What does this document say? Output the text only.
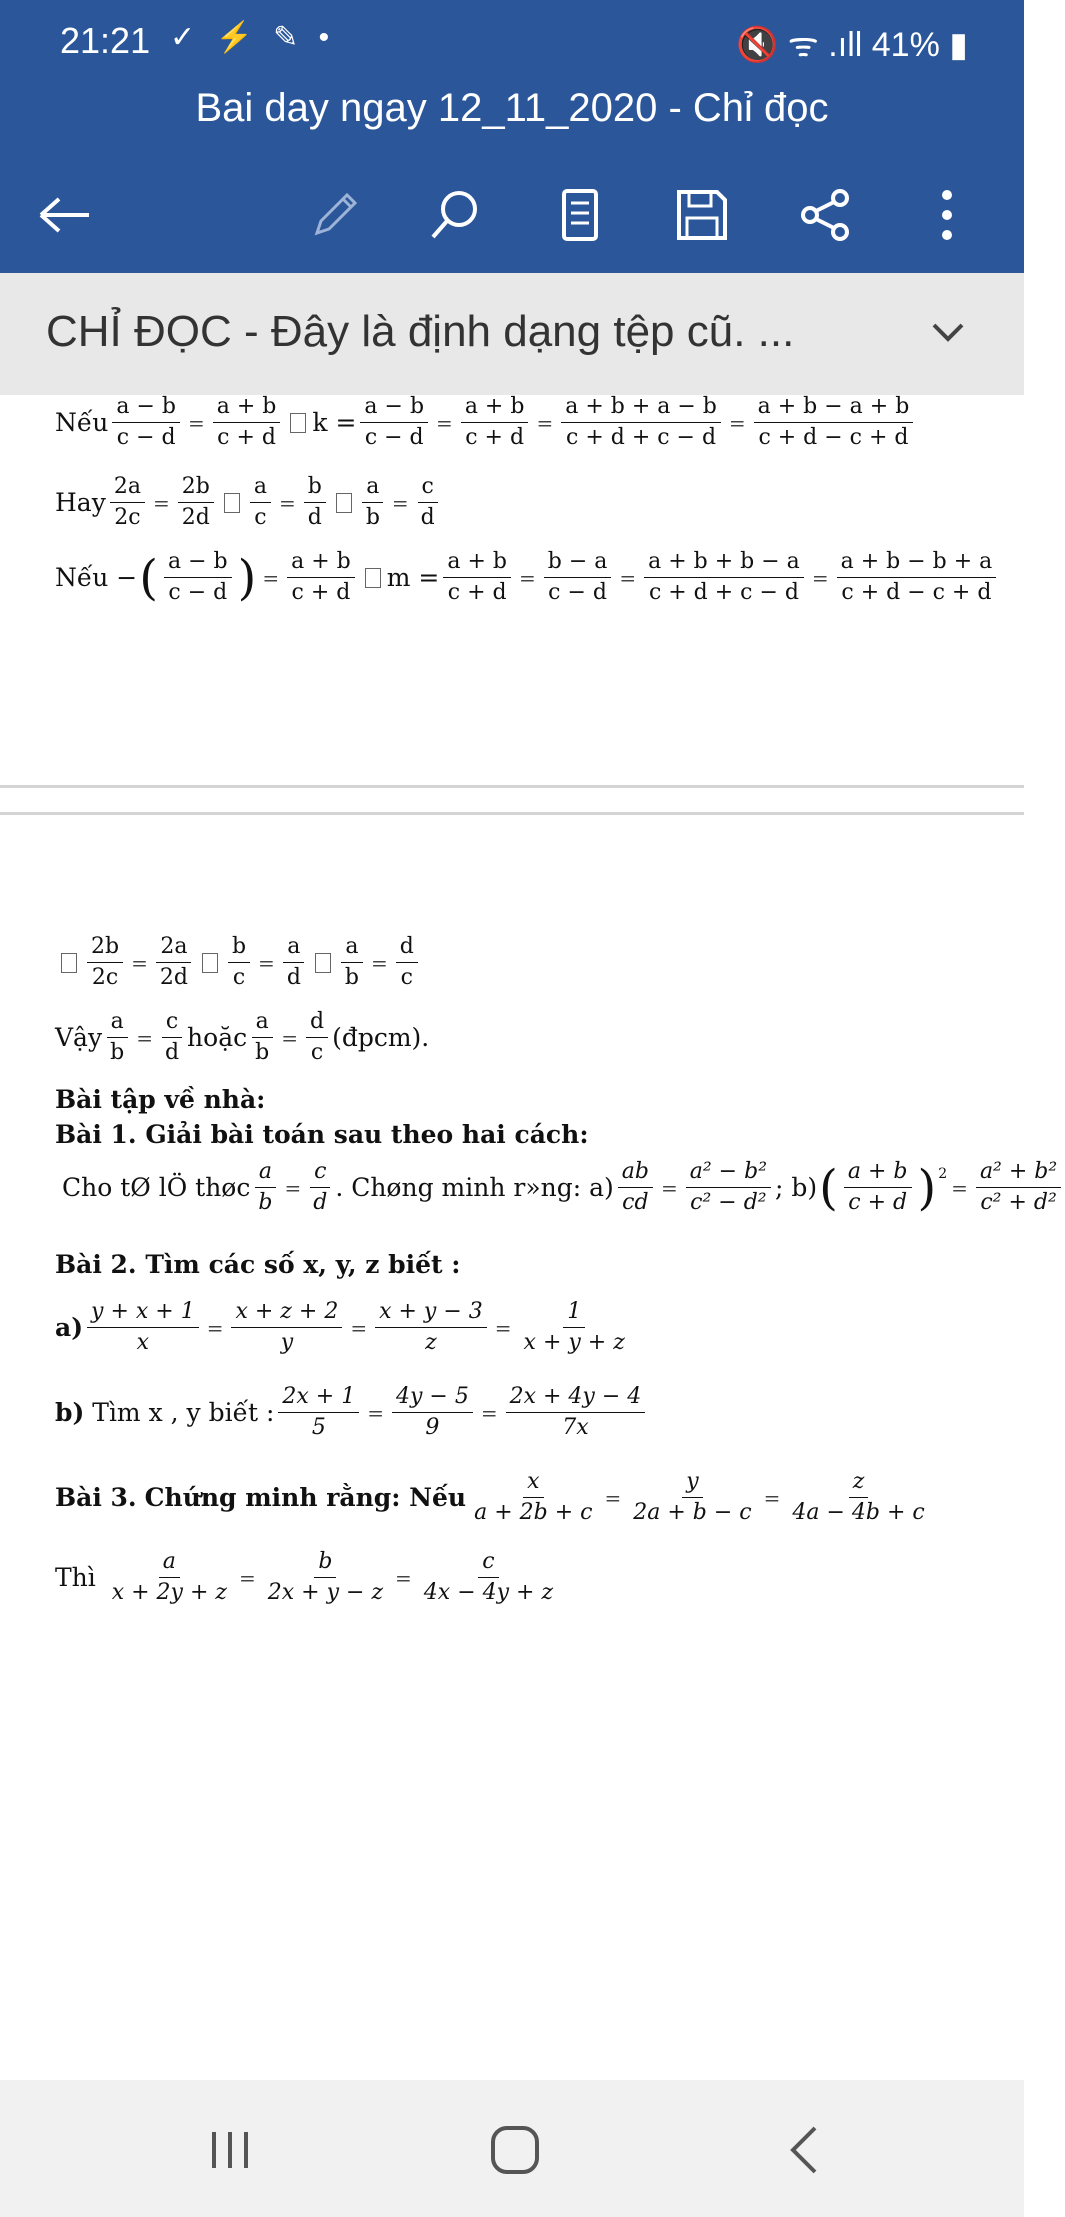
21:21 ✓ ⚡ ✎ •	🔇 ᯤ .ıll 41% ▮
Bai day ngay 12_11_2020 - Chỉ đọc
CHỈ ĐỌC - Đây là định dạng tệp cũ. ...
Nếu $\frac{a - b}{c - d} = \frac{a + b}{c + d}$ $k = \frac{a - b}{c - d} = \frac{a + b}{c + d} = \frac{a + b + a - b}{c + d + c - d} = \frac{a + b - a + b}{c + d - c + d}$
Hay $\frac{2a}{2c} = \frac{2b}{2d} \frac{a}{c} = \frac{b}{d} \frac{a}{b} = \frac{c}{d}$
Nếu − ( $\frac{a - b}{c - d}$ ) = $\frac{a + b}{c + d}$ $m = \frac{a + b}{c + d} = \frac{b - a}{c - d} = \frac{a + b + b - a}{c + d + c - d} = \frac{a + b - b + a}{c + d - c + d}$
$\frac{2b}{2c} = \frac{2a}{2d} \frac{b}{c} = \frac{a}{d} \frac{a}{b} = \frac{d}{c}$
Vậy $\frac{a}{b} = \frac{c}{d}$ hoặc $\frac{a}{b} = \frac{d}{c}$ (đpcm).
Bài tập về nhà:
Bài 1. Giải bài toán sau theo hai cách:
Cho tØ lÖ thøc $\frac{a}{b} = \frac{c}{d}$ . Chøng minh r»ng: $a) \frac{ab}{cd} = \frac{\text{a² − b²}}{\text{c² − d²}}$ ; b) ( $\frac{a + b}{c + d} )^2$
= $\frac{\text{a² + b²}}{\text{c² + d²}}$
Bài 2. Tìm các số x, y, z biết :
$a) \frac{y + x + 1}{x} = \frac{x + z + 2}{y} = \frac{x + y - 3}{z} = \frac{1}{x + y + z}$
b)
Tìm x , y biết : $\frac{2x + 1}{5} = \frac{4y - 5}{9} = \frac{2x + 4y - 4}{7x}$
Bài 3.
Chứng minh rằng: Nếu $\frac{x}{a + 2b + c} = \frac{y}{2a + b - c} = \frac{z}{4a - 4b + c}$
Thì
$\frac{a}{x + 2y + z} = \frac{b}{2x + y - z} = \frac{c}{4x - 4y + z}$
